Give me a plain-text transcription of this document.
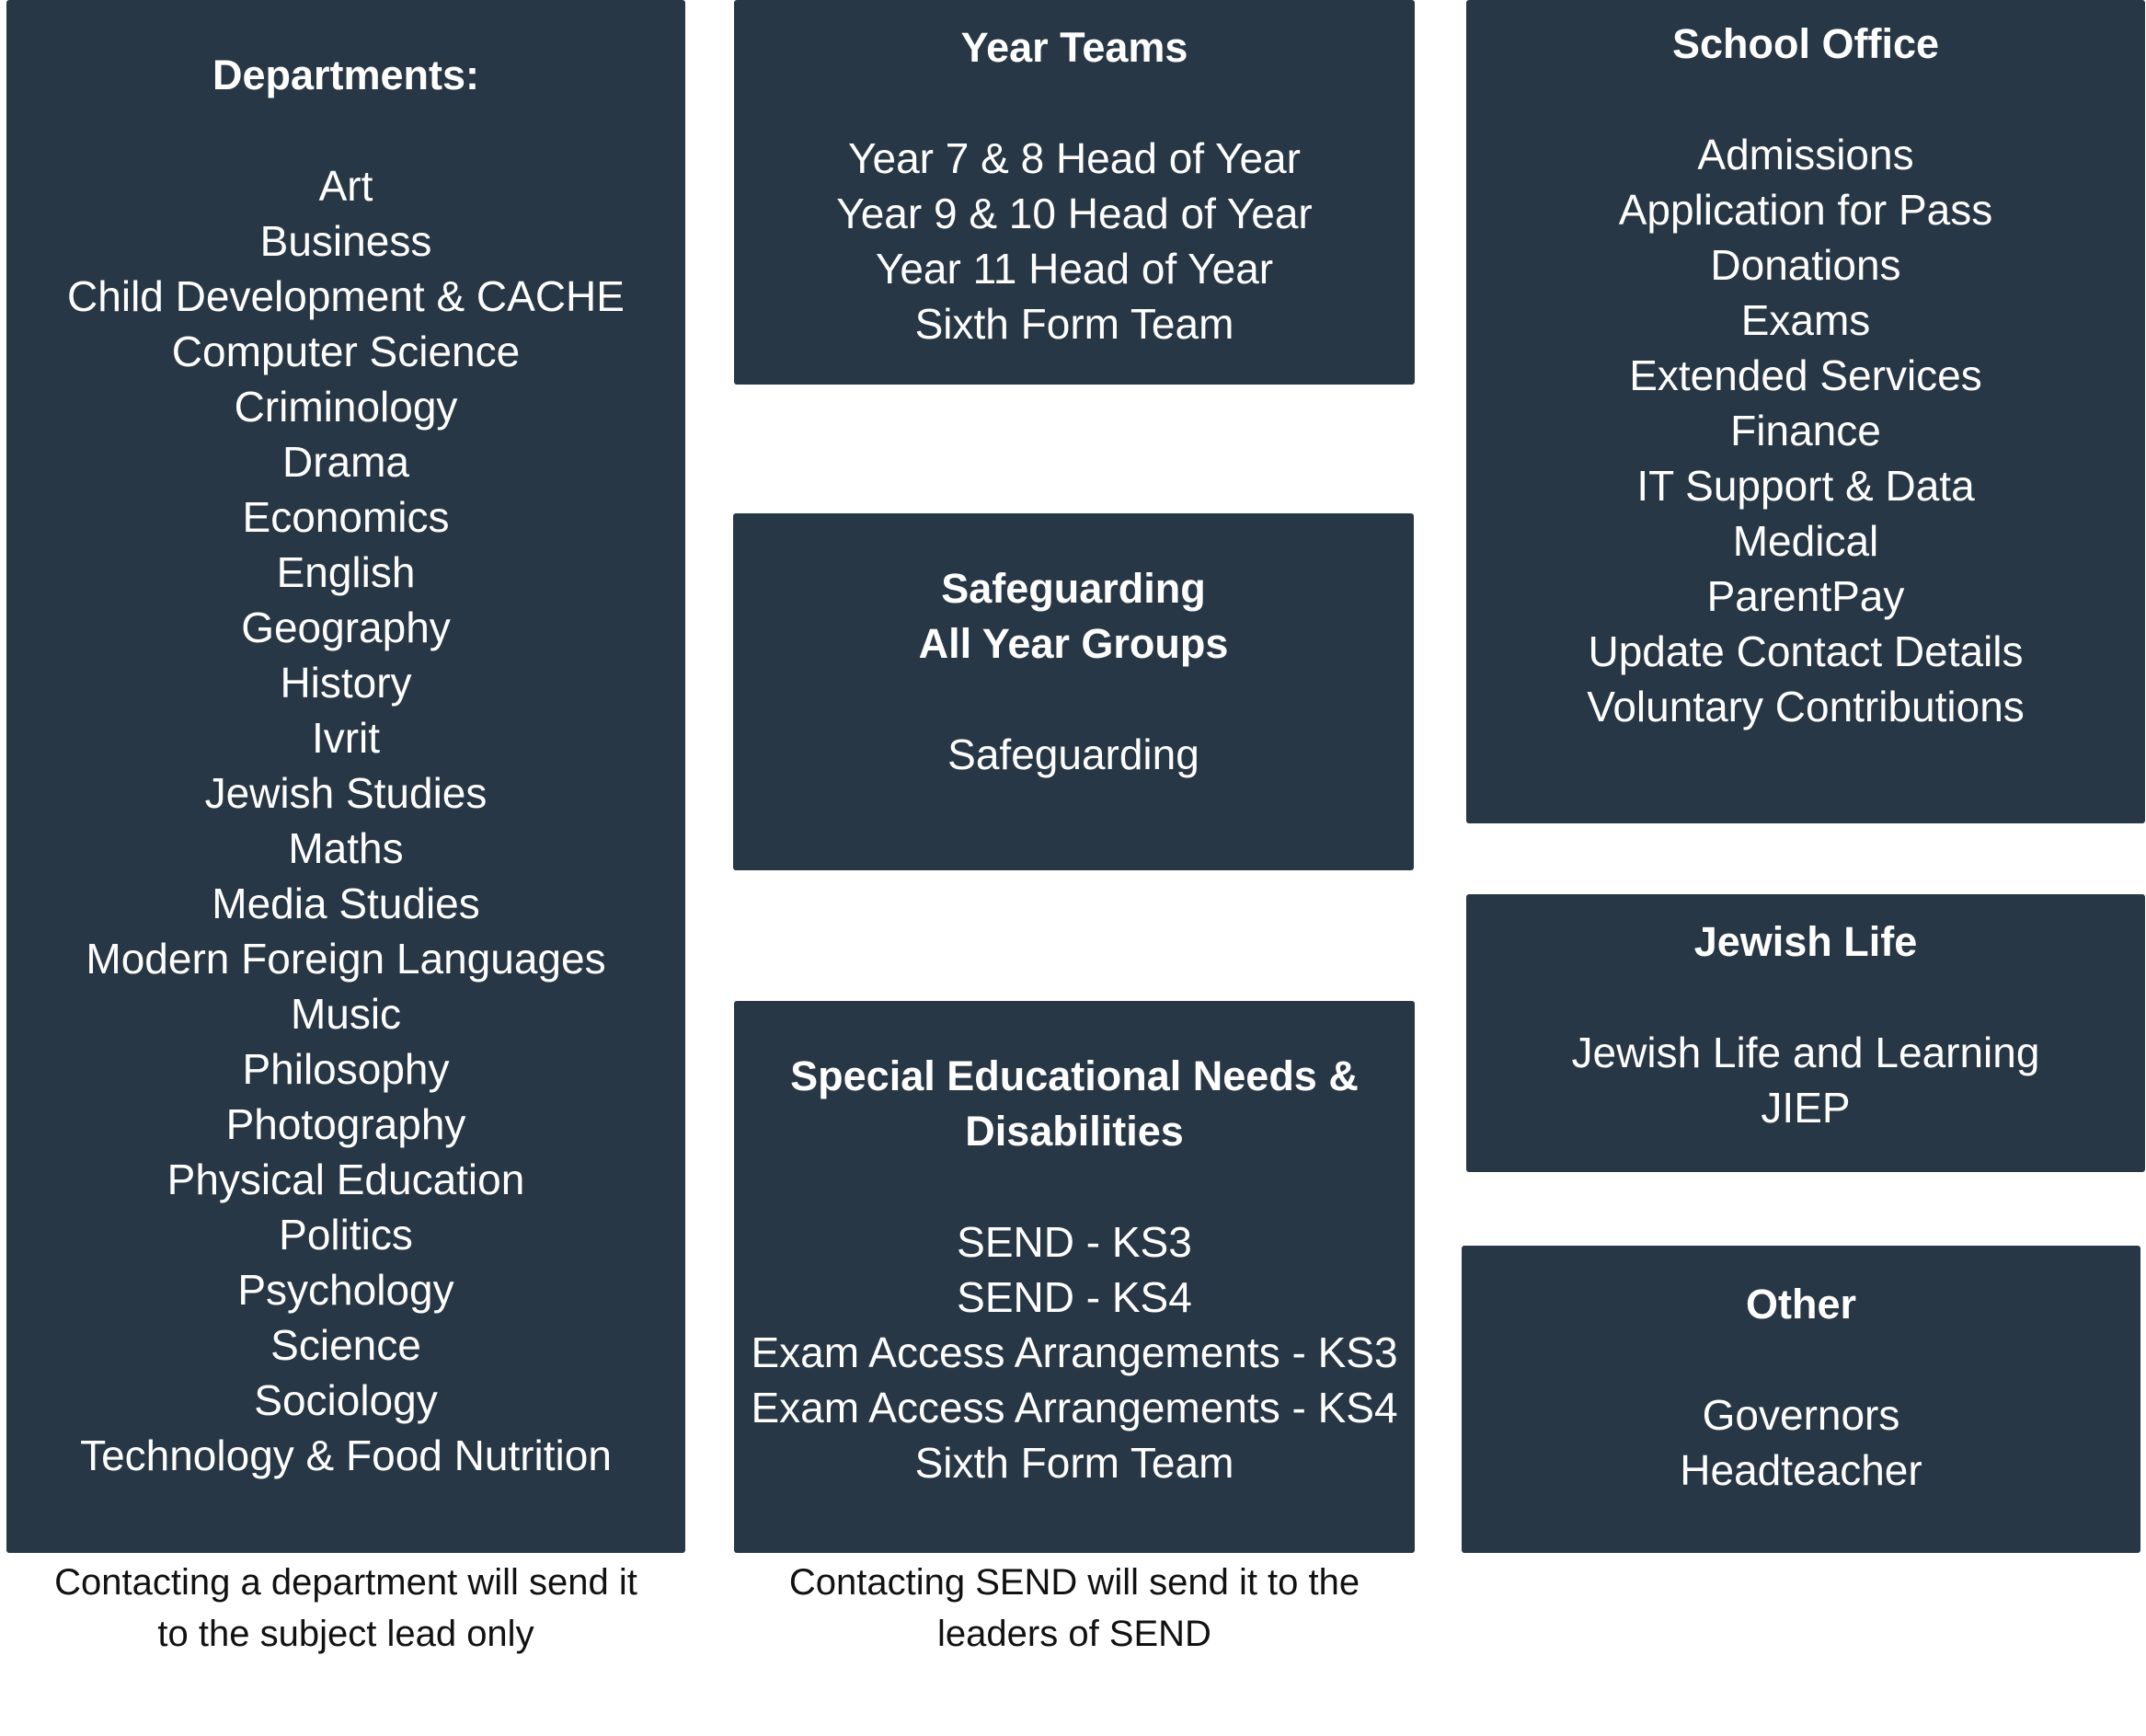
Departments:
Art
Business
Child Development & CACHE
Computer Science
Criminology
Drama
Economics
English
Geography
History
Ivrit
Jewish Studies
Maths
Media Studies
Modern Foreign Languages
Music
Philosophy
Photography
Physical Education
Politics
Psychology
Science
Sociology
Technology & Food Nutrition
Contacting a department will send it
to the subject lead only
Year Teams
Year 7 & 8 Head of Year
Year 9 & 10 Head of Year
Year 11 Head of Year
Sixth Form Team
Safeguarding
All Year Groups
Safeguarding
Special Educational Needs &
Disabilities
SEND - KS3
SEND - KS4
Exam Access Arrangements - KS3
Exam Access Arrangements - KS4
Sixth Form Team
Contacting SEND will send it to the
leaders of SEND
School Office
Admissions
Application for Pass
Donations
Exams
Extended Services
Finance
IT Support & Data
Medical
ParentPay
Update Contact Details
Voluntary Contributions
Jewish Life
Jewish Life and Learning
JIEP
Other
Governors
Headteacher
